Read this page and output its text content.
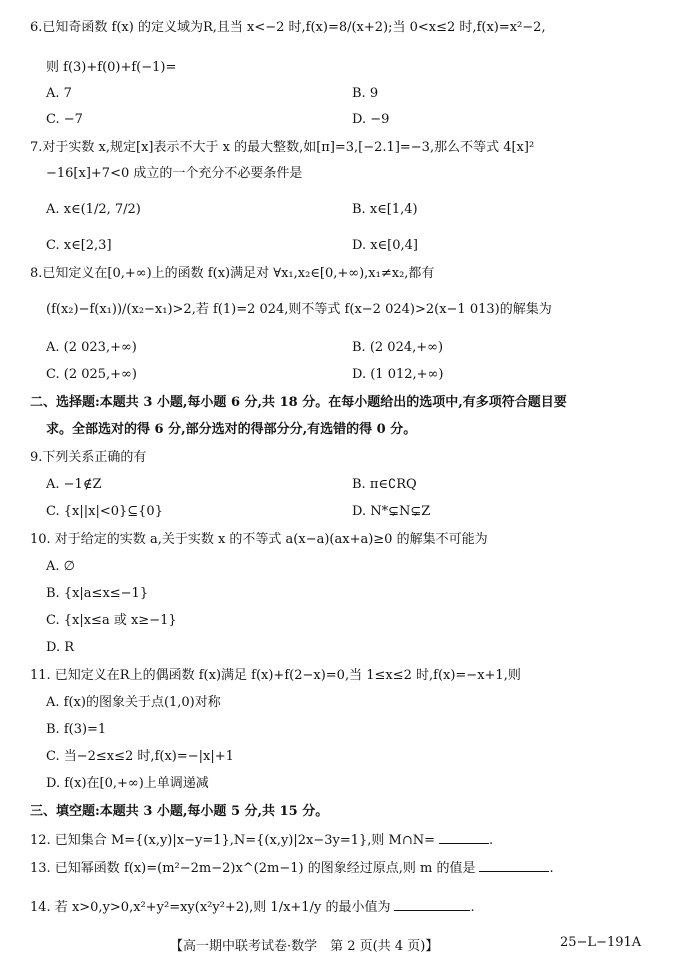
6.已知奇函数 f(x) 的定义域为R,且当 x<−2 时,f(x)=8/(x+2);当 0<x≤2 时,f(x)=x²−2,
则 f(3)+f(0)+f(−1)=
A. 7	B. 9
C. −7	D. −9
7.对于实数 x,规定[x]表示不大于 x 的最大整数,如[π]=3,[−2.1]=−3,那么不等式 4[x]²
−16[x]+7<0 成立的一个充分不必要条件是
A. x∈(1/2, 7/2)	B. x∈[1,4)
C. x∈[2,3]	D. x∈[0,4]
8.已知定义在[0,+∞)上的函数 f(x)满足对 ∀x₁,x₂∈[0,+∞),x₁≠x₂,都有
(f(x₂)−f(x₁))/(x₂−x₁)>2,若 f(1)=2 024,则不等式 f(x−2 024)>2(x−1 013)的解集为
A. (2 023,+∞)	B. (2 024,+∞)
C. (2 025,+∞)	D. (1 012,+∞)
二、选择题:本题共 3 小题,每小题 6 分,共 18 分。在每小题给出的选项中,有多项符合题目要
求。全部选对的得 6 分,部分选对的得部分分,有选错的得 0 分。
9.下列关系正确的有
A. −1∉Z	B. π∈∁RQ
C. {x||x|<0}⊆{0}	D. N*⊊N⊊Z
10. 对于给定的实数 a,关于实数 x 的不等式 a(x−a)(ax+a)≥0 的解集不可能为
A. ∅
B. {x|a≤x≤−1}
C. {x|x≤a 或 x≥−1}
D. R
11. 已知定义在R上的偶函数 f(x)满足 f(x)+f(2−x)=0,当 1≤x≤2 时,f(x)=−x+1,则
A. f(x)的图象关于点(1,0)对称
B. f(3)=1
C. 当−2≤x≤2 时,f(x)=−|x|+1
D. f(x)在[0,+∞)上单调递减
三、填空题:本题共 3 小题,每小题 5 分,共 15 分。
12. 已知集合 M={(x,y)|x−y=1},N={(x,y)|2x−3y=1},则 M∩N=	.
13. 已知幂函数 f(x)=(m²−2m−2)x^(2m−1) 的图象经过原点,则 m 的值是	.
14. 若 x>0,y>0,x²+y²=xy(x²y²+2),则 1/x+1/y 的最小值为	.
【高一期中联考试卷·数学　第 2 页(共 4 页)】	25−L−191A
